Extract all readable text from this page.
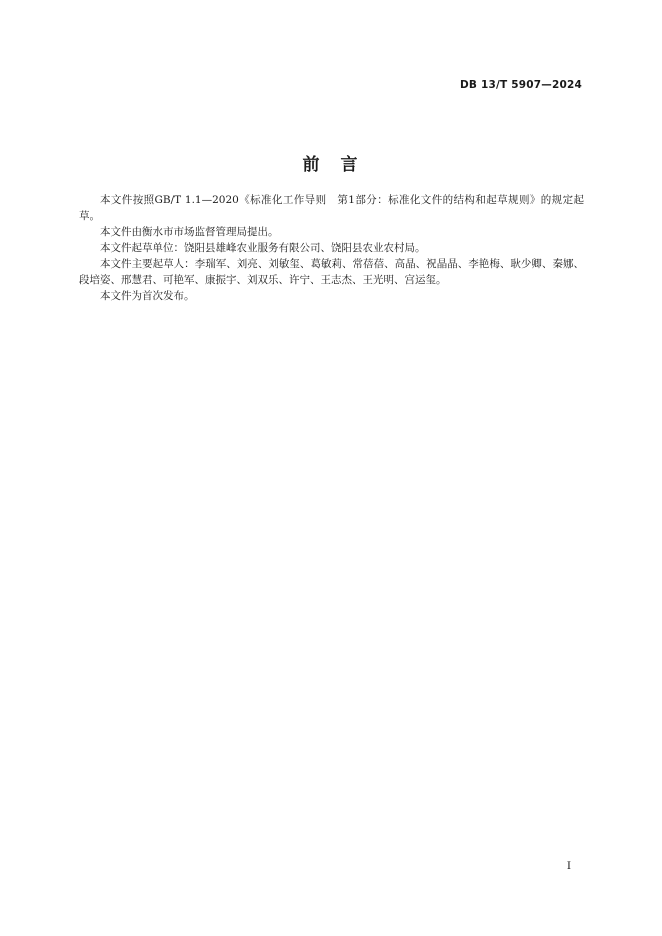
DB 13/T 5907—2024
前　言

本文件按照GB/T 1.1—2020《标准化工作导则　第1部分：标准化文件的结构和起草规则》的规定起草。

本文件由衡水市市场监督管理局提出。

本文件起草单位：饶阳县雄峰农业服务有限公司、饶阳县农业农村局。

本文件主要起草人：李瑞军、刘亮、刘敏玺、葛敏莉、常蓓蓓、高晶、祝晶晶、李艳梅、耿少卿、秦娜、段培姿、邢慧君、可艳军、康振宇、刘双乐、许宁、王志杰、王光明、宫运玺。

本文件为首次发布。

I
